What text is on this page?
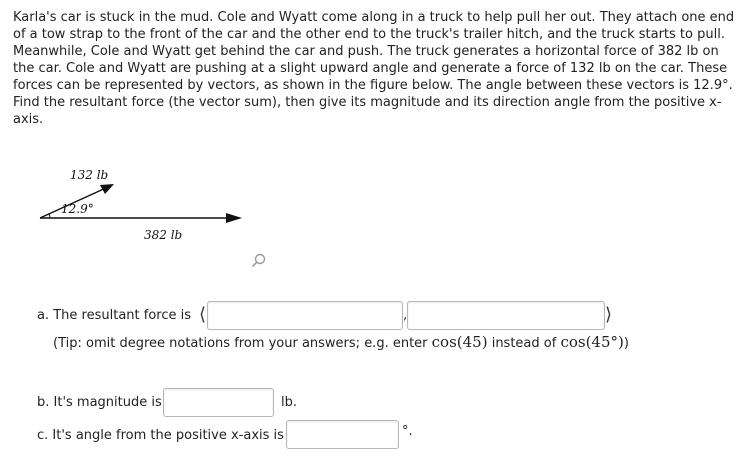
Karla's car is stuck in the mud. Cole and Wyatt come along in a truck to help pull her out. They attach one end of a tow strap to the front of the car and the other end to the truck's trailer hitch, and the truck starts to pull. Meanwhile, Cole and Wyatt get behind the car and push. The truck generates a horizontal force of 382 lb on the car. Cole and Wyatt are pushing at a slight upward angle and generate a force of 132 lb on the car. These forces can be represented by vectors, as shown in the figure below. The angle between these vectors is 12.9°. Find the resultant force (the vector sum), then give its magnitude and its direction angle from the positive x-axis.

132 lb
12.9°
382 lb
a. The resultant force is ⟨	,	⟩
(Tip: omit degree notations from your answers; e.g. enter cos(45) instead of cos(45°))
b. It's magnitude is	lb.
c. It's angle from the positive x-axis is	°.
